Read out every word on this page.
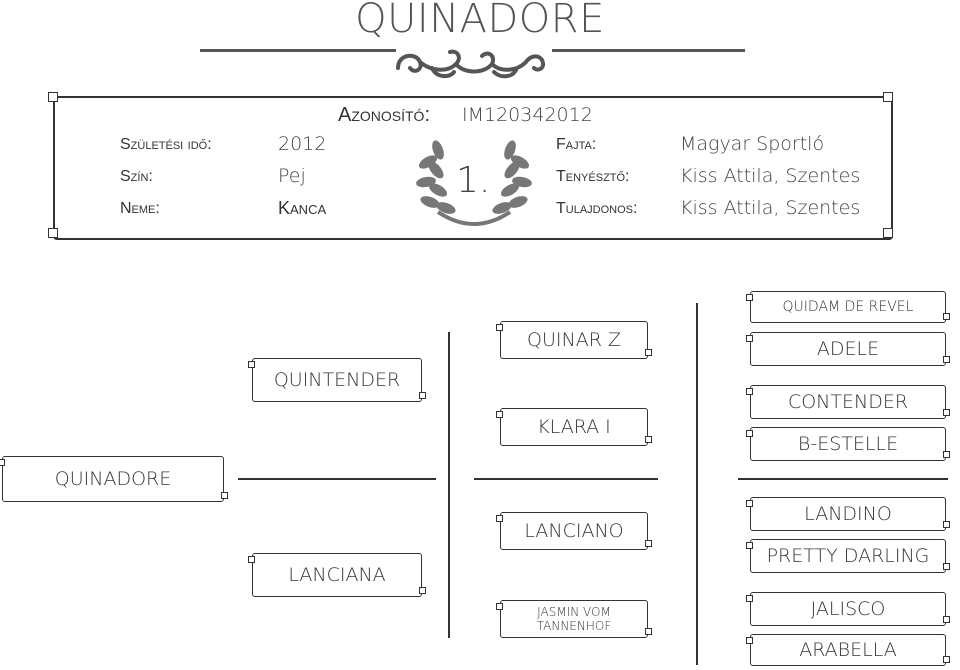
QUINADORE
Azonosító: IM120342012
Születési idő:	2012
Szín:	Pej
Neme:	Kanca
1.
Fajta:	Magyar Sportló
Tenyésztő:	Kiss Attila, Szentes
Tulajdonos: Kiss Attila, Szentes
QUINADORE
QUINTENDER
LANCIANA
QUINAR Z
KLARA I
LANCIANO
JASMIN VOM TANNENHOF
QUIDAM DE REVEL
ADELE
CONTENDER
B-ESTELLE
LANDINO
PRETTY DARLING
JALISCO
ARABELLA
